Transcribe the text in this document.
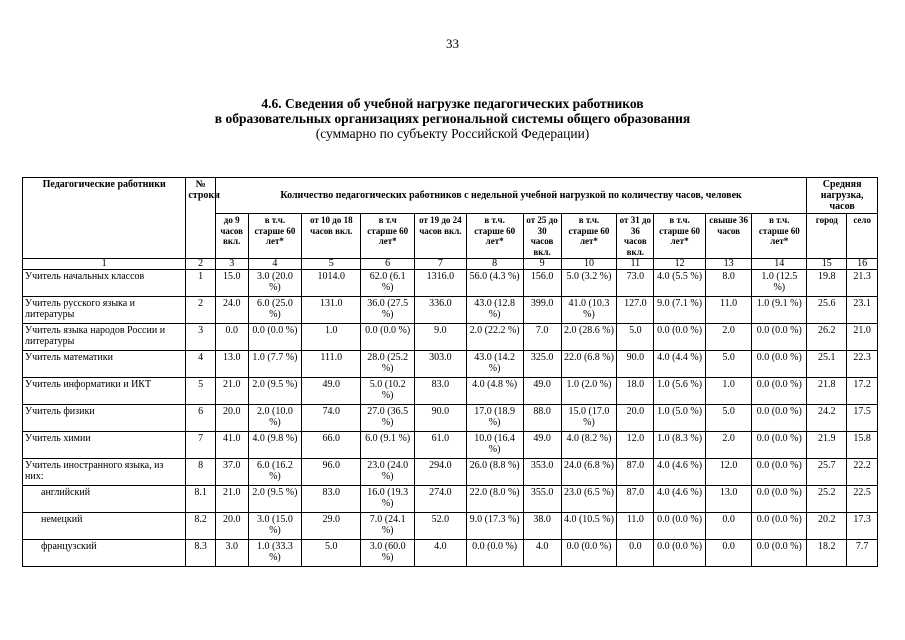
33
4.6. Сведения об учебной нагрузке педагогических работников
в образовательных организациях региональной системы общего образования
(суммарно по субъекту Российской Федерации)
Педагогические работники	№ строки	Количество педагогических работников с недельной учебной нагрузкой по количеству часов, человек												Средняя нагрузка, часов	
		до 9 часов вкл.	в т.ч. старше 60 лет*	от 10 до 18 часов вкл.	в т.ч старше 60 лет*	от 19 до 24 часов вкл.	в т.ч. старше 60 лет*	от 25 до 30 часов вкл.	в т.ч. старше 60 лет*	от 31 до 36 часов вкл.	в т.ч. старше 60 лет*	свыше 36 часов	в т.ч. старше 60 лет*	город	село
1	2	3	4	5	6	7	8	9	10	11	12	13	14	15	16
Учитель начальных классов	1	15.0	3.0 (20.0 %)	1014.0	62.0 (6.1 %)	1316.0	56.0 (4.3 %)	156.0	5.0 (3.2 %)	73.0	4.0 (5.5 %)	8.0	1.0 (12.5 %)	19.8	21.3
Учитель русского языка и литературы	2	24.0	6.0 (25.0 %)	131.0	36.0 (27.5 %)	336.0	43.0 (12.8 %)	399.0	41.0 (10.3 %)	127.0	9.0 (7.1 %)	11.0	1.0 (9.1 %)	25.6	23.1
Учитель языка народов России и литературы	3	0.0	0.0 (0.0 %)	1.0	0.0 (0.0 %)	9.0	2.0 (22.2 %)	7.0	2.0 (28.6 %)	5.0	0.0 (0.0 %)	2.0	0.0 (0.0 %)	26.2	21.0
Учитель математики	4	13.0	1.0 (7.7 %)	111.0	28.0 (25.2 %)	303.0	43.0 (14.2 %)	325.0	22.0 (6.8 %)	90.0	4.0 (4.4 %)	5.0	0.0 (0.0 %)	25.1	22.3
Учитель информатики и ИКТ	5	21.0	2.0 (9.5 %)	49.0	5.0 (10.2 %)	83.0	4.0 (4.8 %)	49.0	1.0 (2.0 %)	18.0	1.0 (5.6 %)	1.0	0.0 (0.0 %)	21.8	17.2
Учитель физики	6	20.0	2.0 (10.0 %)	74.0	27.0 (36.5 %)	90.0	17.0 (18.9 %)	88.0	15.0 (17.0 %)	20.0	1.0 (5.0 %)	5.0	0.0 (0.0 %)	24.2	17.5
Учитель химии	7	41.0	4.0 (9.8 %)	66.0	6.0 (9.1 %)	61.0	10.0 (16.4 %)	49.0	4.0 (8.2 %)	12.0	1.0 (8.3 %)	2.0	0.0 (0.0 %)	21.9	15.8
Учитель иностранного языка, из них:	8	37.0	6.0 (16.2 %)	96.0	23.0 (24.0 %)	294.0	26.0 (8.8 %)	353.0	24.0 (6.8 %)	87.0	4.0 (4.6 %)	12.0	0.0 (0.0 %)	25.7	22.2
английский	8.1	21.0	2.0 (9.5 %)	83.0	16.0 (19.3 %)	274.0	22.0 (8.0 %)	355.0	23.0 (6.5 %)	87.0	4.0 (4.6 %)	13.0	0.0 (0.0 %)	25.2	22.5
немецкий	8.2	20.0	3.0 (15.0 %)	29.0	7.0 (24.1 %)	52.0	9.0 (17.3 %)	38.0	4.0 (10.5 %)	11.0	0.0 (0.0 %)	0.0	0.0 (0.0 %)	20.2	17.3
французский	8.3	3.0	1.0 (33.3 %)	5.0	3.0 (60.0 %)	4.0	0.0 (0.0 %)	4.0	0.0 (0.0 %)	0.0	0.0 (0.0 %)	0.0	0.0 (0.0 %)	18.2	7.7
